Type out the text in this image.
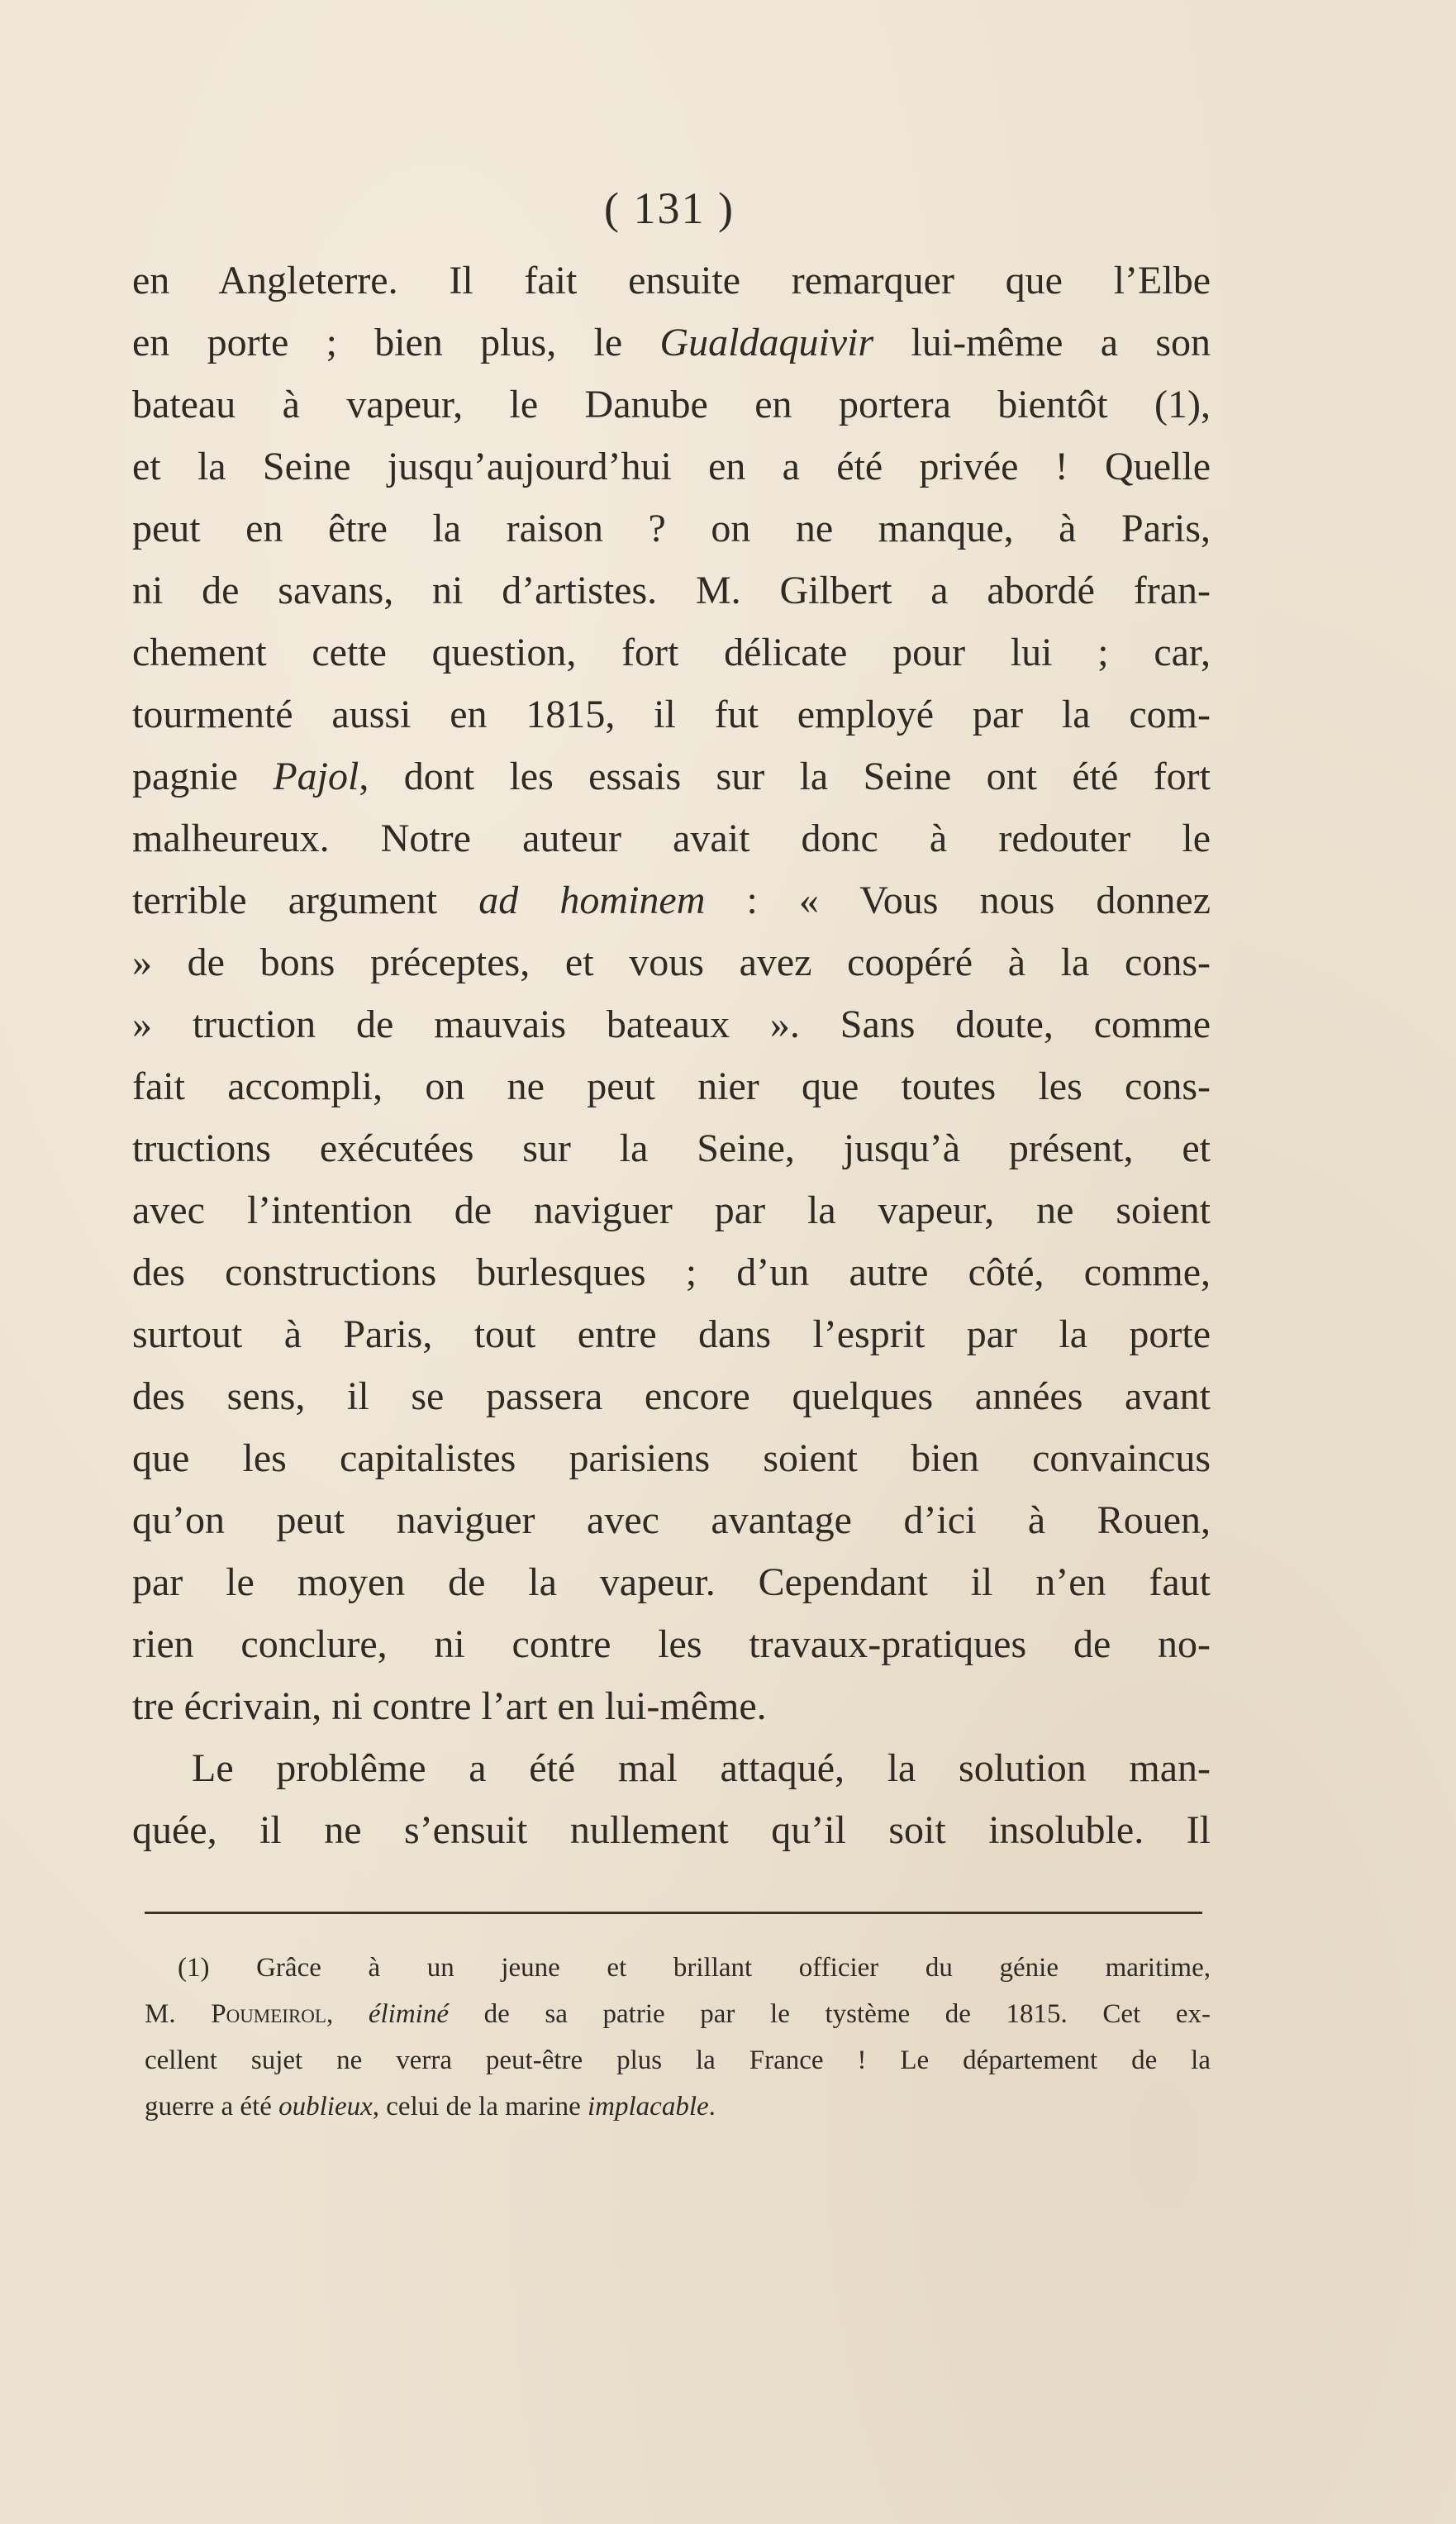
( 131 )
en Angleterre. Il fait ensuite remarquer que l’Elbe
en porte ; bien plus, le Gualdaquivir lui-même a son
bateau à vapeur, le Danube en portera bientôt (1),
et la Seine jusqu’aujourd’hui en a été privée ! Quelle
peut en être la raison ? on ne manque, à Paris,
ni de savans, ni d’artistes. M. Gilbert a abordé fran-
chement cette question, fort délicate pour lui ; car,
tourmenté aussi en 1815, il fut employé par la com-
pagnie Pajol, dont les essais sur la Seine ont été fort
malheureux. Notre auteur avait donc à redouter le
terrible argument ad hominem : « Vous nous donnez
» de bons préceptes, et vous avez coopéré à la cons-
» truction de mauvais bateaux ». Sans doute, comme
fait accompli, on ne peut nier que toutes les cons-
tructions exécutées sur la Seine, jusqu’à présent, et
avec l’intention de naviguer par la vapeur, ne soient
des constructions burlesques ; d’un autre côté, comme,
surtout à Paris, tout entre dans l’esprit par la porte
des sens, il se passera encore quelques années avant
que les capitalistes parisiens soient bien convaincus
qu’on peut naviguer avec avantage d’ici à Rouen,
par le moyen de la vapeur. Cependant il n’en faut
rien conclure, ni contre les travaux-pratiques de no-
tre écrivain, ni contre l’art en lui-même.
Le problême a été mal attaqué, la solution man-
quée, il ne s’ensuit nullement qu’il soit insoluble. Il
(1) Grâce à un jeune et brillant officier du génie maritime,
M. Poumeirol, éliminé de sa patrie par le tystème de 1815. Cet ex-
cellent sujet ne verra peut-être plus la France ! Le département de la
guerre a été oublieux, celui de la marine implacable.
